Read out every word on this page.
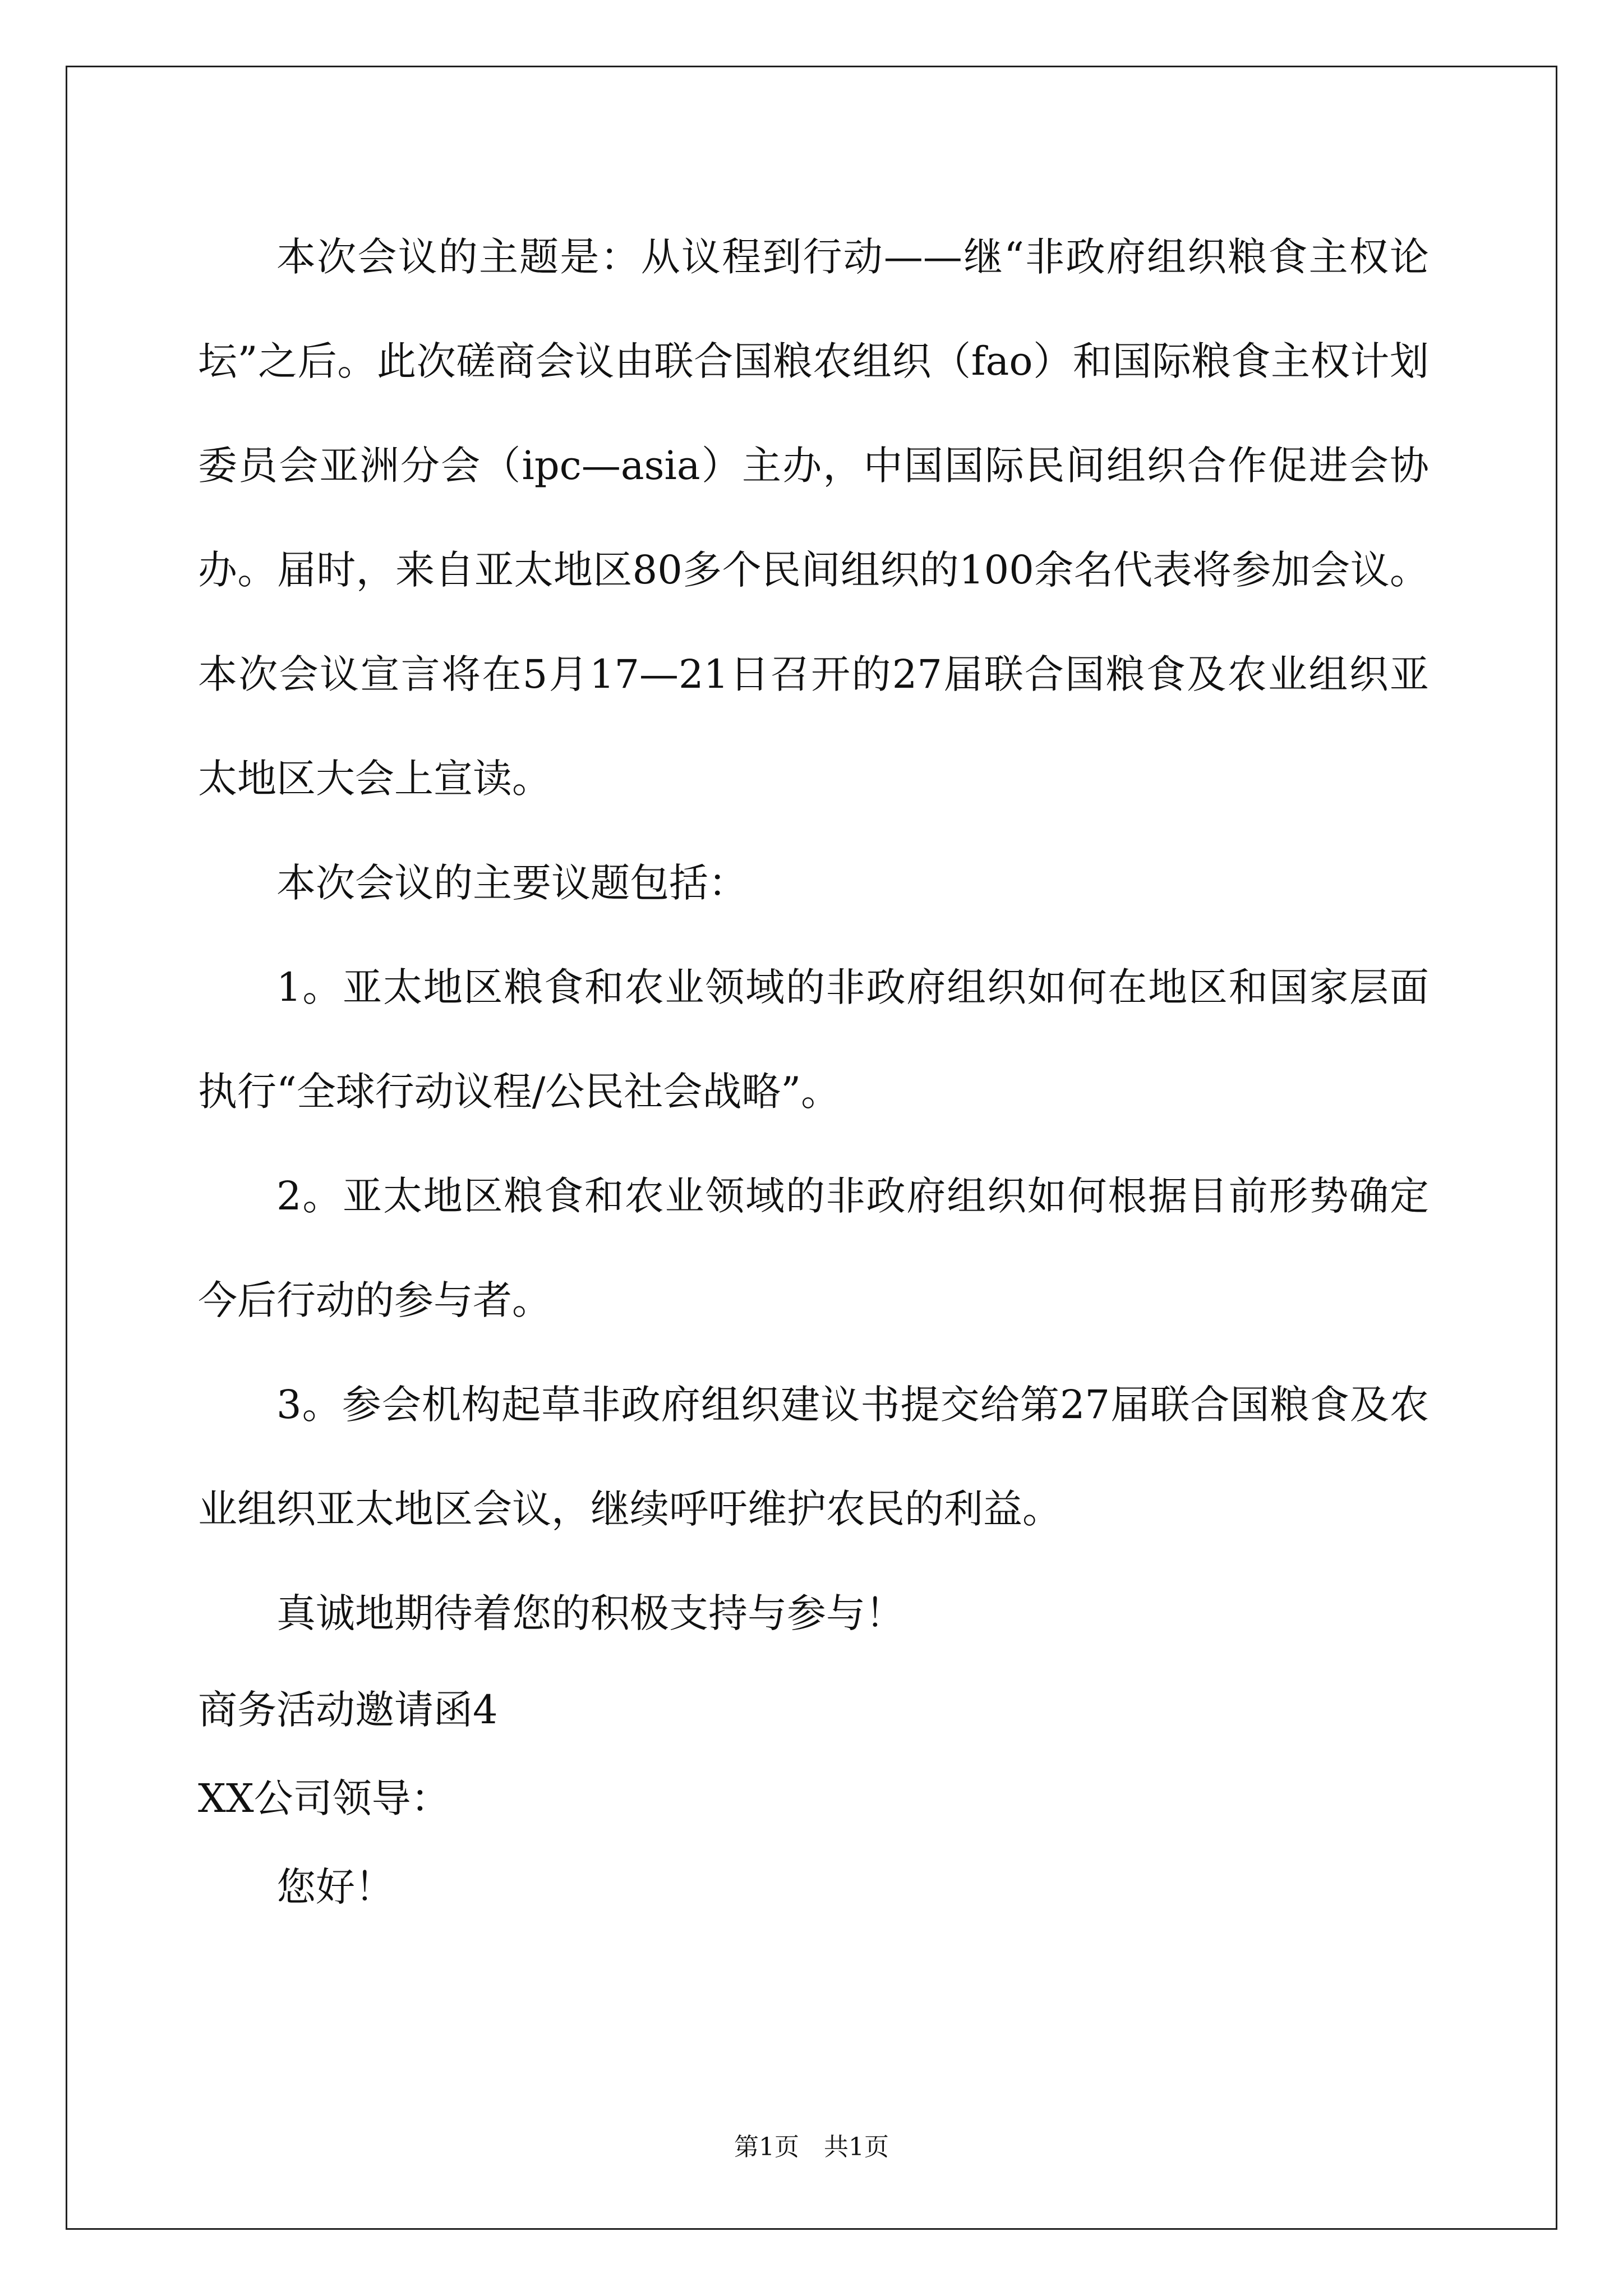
本次会议的主题是：从议程到行动——继“非政府组织粮食主权论坛”之后。此次磋商会议由联合国粮农组织（fao）和国际粮食主权计划委员会亚洲分会（ipc—asia）主办，中国国际民间组织合作促进会协办。届时，来自亚太地区80多个民间组织的100余名代表将参加会议。本次会议宣言将在5月17—21日召开的27届联合国粮食及农业组织亚太地区大会上宣读。

本次会议的主要议题包括：

1。亚太地区粮食和农业领域的非政府组织如何在地区和国家层面执行“全球行动议程/公民社会战略”。

2。亚太地区粮食和农业领域的非政府组织如何根据目前形势确定今后行动的参与者。

3。参会机构起草非政府组织建议书提交给第27届联合国粮食及农业组织亚太地区会议，继续呼吁维护农民的利益。

真诚地期待着您的积极支持与参与！

商务活动邀请函4

XX公司领导：

您好！

第1页　共1页
